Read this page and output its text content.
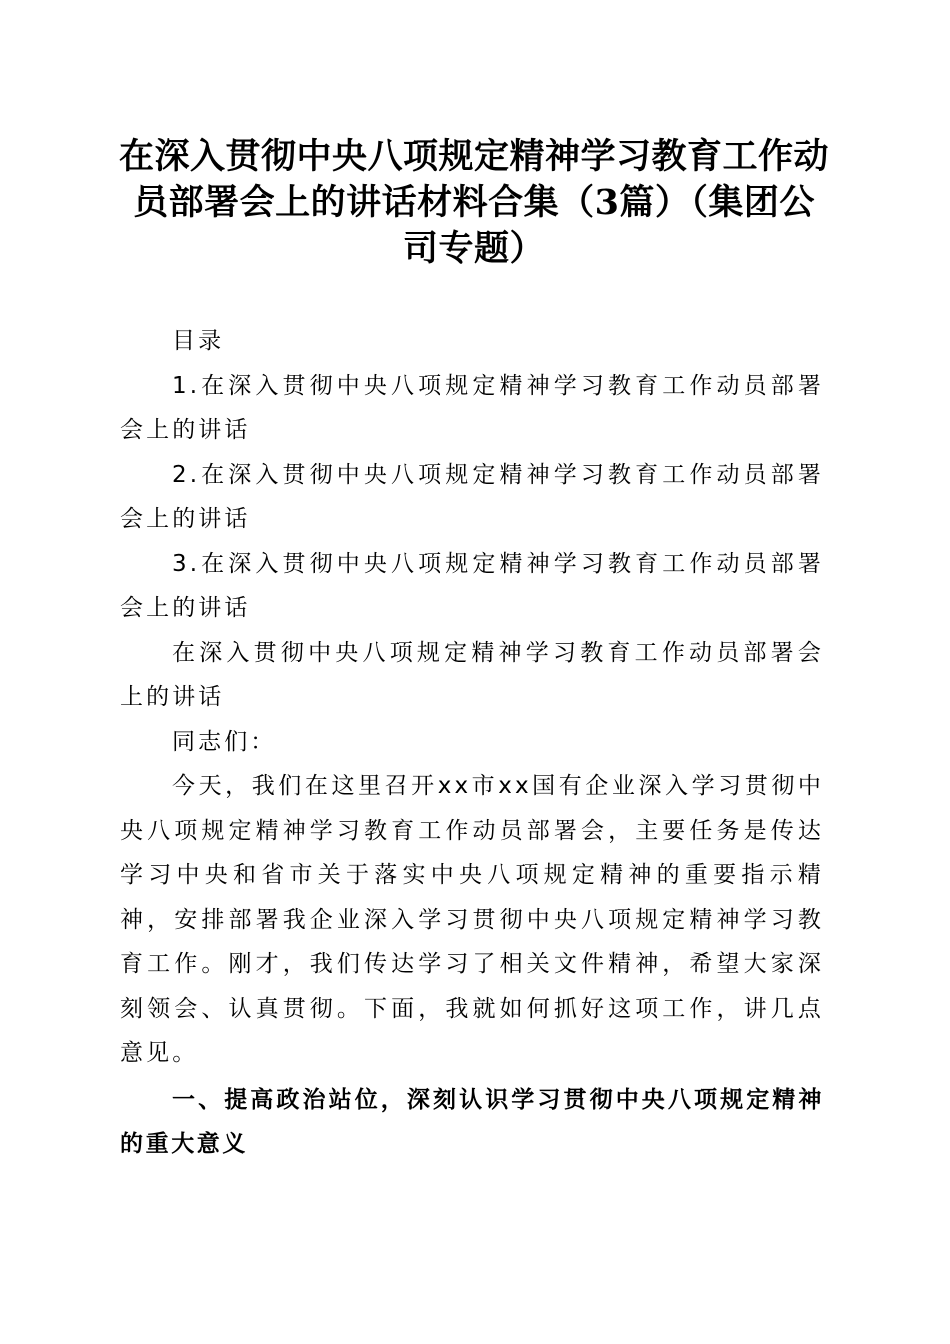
在深入贯彻中央八项规定精神学习教育工作动员部署会上的讲话材料合集（3篇）（集团公司专题）

目录

1.在深入贯彻中央八项规定精神学习教育工作动员部署会上的讲话

2.在深入贯彻中央八项规定精神学习教育工作动员部署会上的讲话

3.在深入贯彻中央八项规定精神学习教育工作动员部署会上的讲话

在深入贯彻中央八项规定精神学习教育工作动员部署会上的讲话

同志们：

今天，我们在这里召开xx市xx国有企业深入学习贯彻中央八项规定精神学习教育工作动员部署会，主要任务是传达学习中央和省市关于落实中央八项规定精神的重要指示精神，安排部署我企业深入学习贯彻中央八项规定精神学习教育工作。刚才，我们传达学习了相关文件精神，希望大家深刻领会、认真贯彻。下面，我就如何抓好这项工作，讲几点意见。

一、提高政治站位，深刻认识学习贯彻中央八项规定精神的重大意义
